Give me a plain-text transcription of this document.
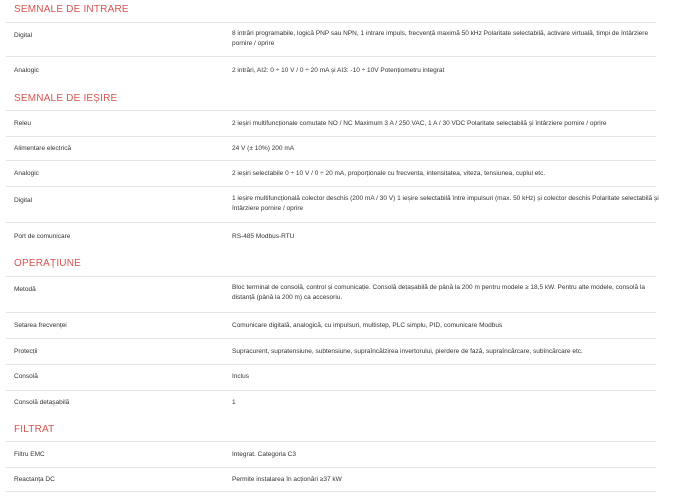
SEMNALE DE INTRARE
Digital	8 intrări programabile, logică PNP sau NPN, 1 intrare impuls, frecvență maximă 50 kHz Polaritate selectabilă, activare virtuală, timpi de întârziere pornire / oprire
Analogic	2 intrări, AI2: 0 ÷ 10 V / 0 ÷ 20 mA și AI3: -10 ÷ 10V Potențiometru integrat
SEMNALE DE IEȘIRE
Releu	2 ieșiri multifuncționale comutate NO / NC Maximum 3 A / 250 VAC, 1 A / 30 VDC Polaritate selectabilă și întârziere pornire / oprire
Alimentare electrică	24 V (± 10%) 200 mA
Analogic	2 ieșiri selectabile 0 ÷ 10 V / 0 ÷ 20 mA, proporționale cu frecventa, intensitatea, viteza, tensiunea, cuplul etc.
Digital	1 ieșire multifuncțională colector deschis (200 mA / 30 V) 1 ieșire selectabilă între impulsuri (max. 50 kHz) și colector deschis Polaritate selectabilă și întârziere pornire / oprire
Port de comunicare	RS-485 Modbus-RTU
OPERAȚIUNE
Metodă	Bloc terminal de consolă, control și comunicație. Consolă detașabilă de până la 200 m pentru modele ≥ 18,5 kW. Pentru alte modele, consolă la distanță (până la 200 m) ca accesoriu.
Setarea frecvenței	Comunicare digitală, analogică, cu impulsuri, multistep, PLC simplu, PID, comunicare Modbus
Protecții	Supracurent, supratensiune, subtensiune, supraîncălzirea invertorului, pierdere de fază, supraîncărcare, subîncărcare etc.
Consolă	Inclus
Consolă detașabilă	1
FILTRAT
Filtru EMC	Integrat. Categoria C3
Reactanța DC	Permite instalarea în acționări ≥37 kW
